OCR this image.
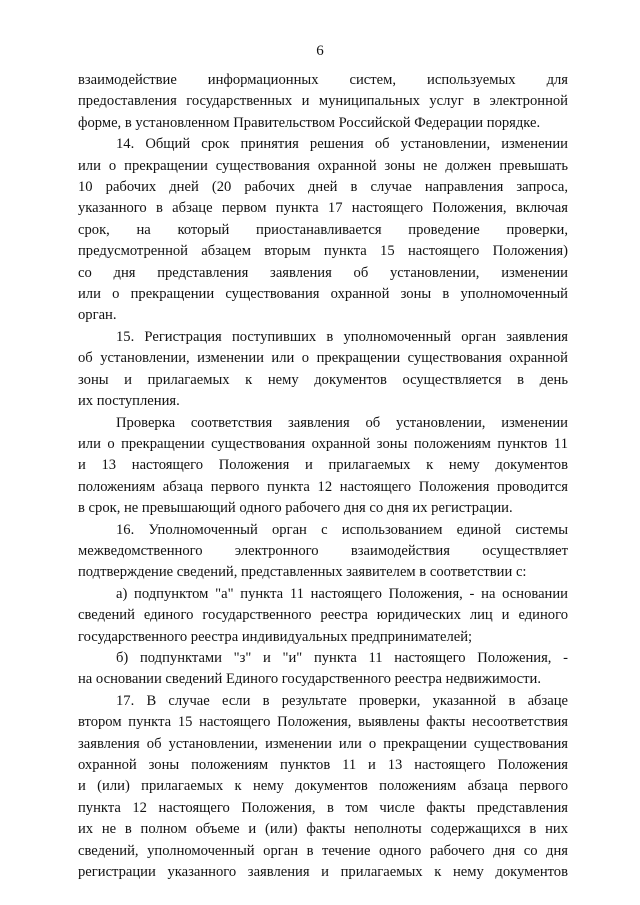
6
взаимодействие информационных систем, используемых для
предоставления государственных и муниципальных услуг в электронной
форме, в установленном Правительством Российской Федерации порядке.
14. Общий срок принятия решения об установлении, изменении
или о прекращении существования охранной зоны не должен превышать
10 рабочих дней (20 рабочих дней в случае направления запроса,
указанного в абзаце первом пункта 17 настоящего Положения, включая
срок, на который приостанавливается проведение проверки,
предусмотренной абзацем вторым пункта 15 настоящего Положения)
со дня представления заявления об установлении, изменении
или о прекращении существования охранной зоны в уполномоченный
орган.
15. Регистрация поступивших в уполномоченный орган заявления
об установлении, изменении или о прекращении существования охранной
зоны и прилагаемых к нему документов осуществляется в день
их поступления.
Проверка соответствия заявления об установлении, изменении
или о прекращении существования охранной зоны положениям пунктов 11
и 13 настоящего Положения и прилагаемых к нему документов
положениям абзаца первого пункта 12 настоящего Положения проводится
в срок, не превышающий одного рабочего дня со дня их регистрации.
16. Уполномоченный орган с использованием единой системы
межведомственного электронного взаимодействия осуществляет
подтверждение сведений, представленных заявителем в соответствии с:
а) подпунктом "а" пункта 11 настоящего Положения, - на основании
сведений единого государственного реестра юридических лиц и единого
государственного реестра индивидуальных предпринимателей;
б) подпунктами "з" и "и" пункта 11 настоящего Положения, -
на основании сведений Единого государственного реестра недвижимости.
17. В случае если в результате проверки, указанной в абзаце
втором пункта 15 настоящего Положения, выявлены факты несоответствия
заявления об установлении, изменении или о прекращении существования
охранной зоны положениям пунктов 11 и 13 настоящего Положения
и (или) прилагаемых к нему документов положениям абзаца первого
пункта 12 настоящего Положения, в том числе факты представления
их не в полном объеме и (или) факты неполноты содержащихся в них
сведений, уполномоченный орган в течение одного рабочего дня со дня
регистрации указанного заявления и прилагаемых к нему документов
